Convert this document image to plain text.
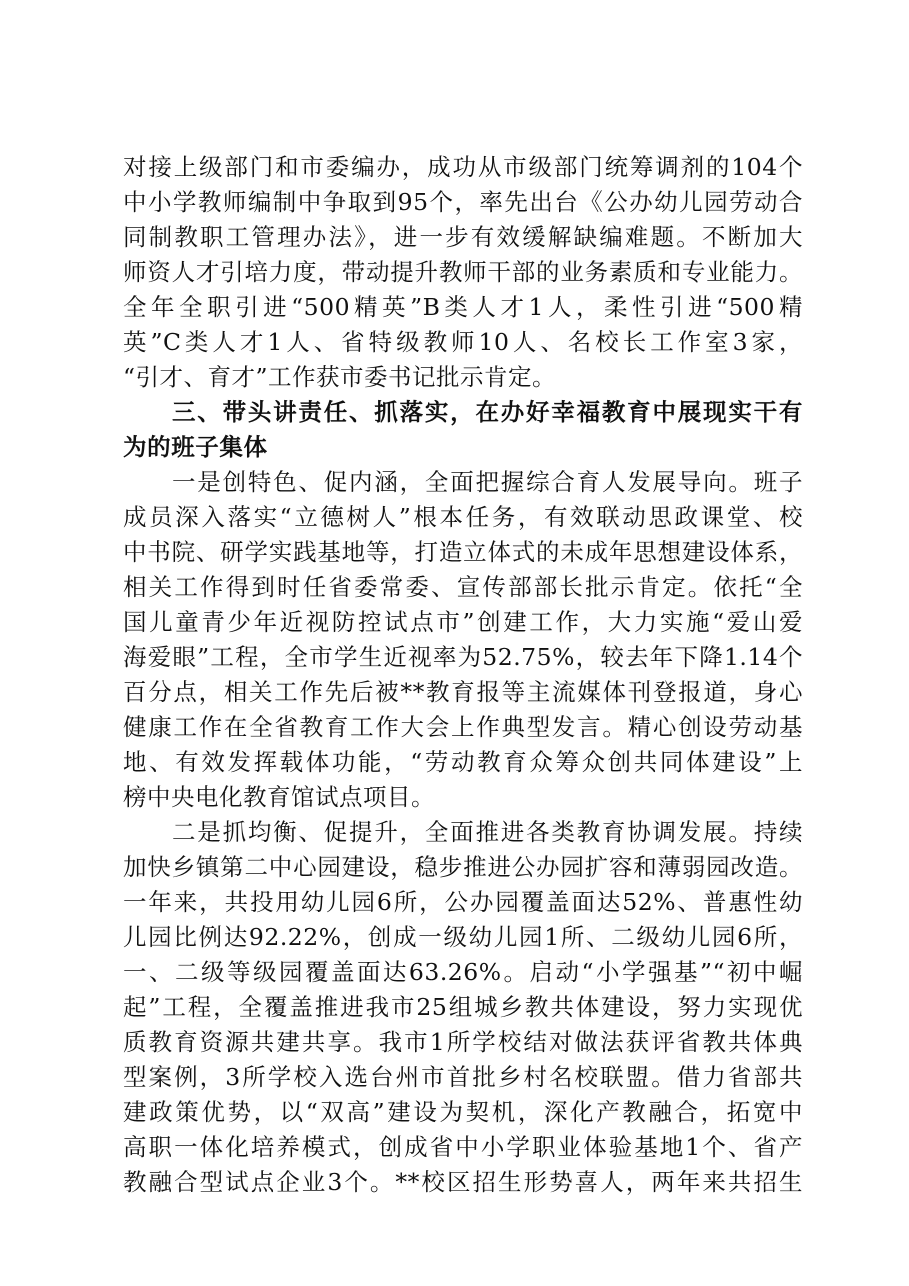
对接上级部门和市委编办，成功从市级部门统筹调剂的104个
中小学教师编制中争取到95个，率先出台《公办幼儿园劳动合
同制教职工管理办法》，进一步有效缓解缺编难题。不断加大
师资人才引培力度，带动提升教师干部的业务素质和专业能力。
全年全职引进“500精英”B类人才1人，柔性引进“500精
英”C类人才1人、省特级教师10人、名校长工作室3家，
“引才、育才”工作获市委书记批示肯定。
三、带头讲责任、抓落实，在办好幸福教育中展现实干有
为的班子集体
一是创特色、促内涵，全面把握综合育人发展导向。班子
成员深入落实“立德树人”根本任务，有效联动思政课堂、校
中书院、研学实践基地等，打造立体式的未成年思想建设体系，
相关工作得到时任省委常委、宣传部部长批示肯定。依托“全
国儿童青少年近视防控试点市”创建工作，大力实施“爱山爱
海爱眼”工程，全市学生近视率为52.75%，较去年下降1.14个
百分点，相关工作先后被**教育报等主流媒体刊登报道，身心
健康工作在全省教育工作大会上作典型发言。精心创设劳动基
地、有效发挥载体功能，“劳动教育众筹众创共同体建设”上
榜中央电化教育馆试点项目。
二是抓均衡、促提升，全面推进各类教育协调发展。持续
加快乡镇第二中心园建设，稳步推进公办园扩容和薄弱园改造。
一年来，共投用幼儿园6所，公办园覆盖面达52%、普惠性幼
儿园比例达92.22%，创成一级幼儿园1所、二级幼儿园6所，
一、二级等级园覆盖面达63.26%。启动“小学强基”“初中崛
起”工程，全覆盖推进我市25组城乡教共体建设，努力实现优
质教育资源共建共享。我市1所学校结对做法获评省教共体典
型案例，3所学校入选台州市首批乡村名校联盟。借力省部共
建政策优势，以“双高”建设为契机，深化产教融合，拓宽中
高职一体化培养模式，创成省中小学职业体验基地1个、省产
教融合型试点企业3个。**校区招生形势喜人，两年来共招生
